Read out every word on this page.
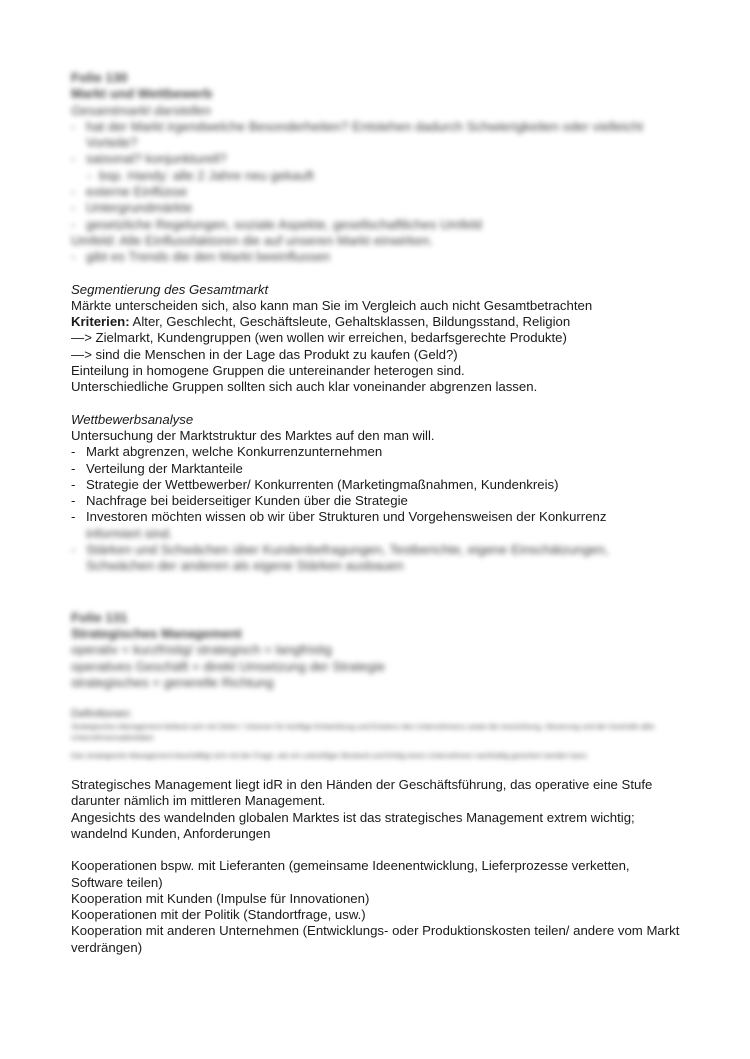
Folie 130
Markt und Wettbewerb
Gesamtmarkt darstellen
- hat der Markt irgendwelche Besonderheiten? Entstehen dadurch Schwierigkeiten oder vielleicht Vorteile?
- saisonal? konjunkturell?
- bsp. Handy: alle 2 Jahre neu gekauft
- externe Einflüsse
- Untergrundmärkte
- gesetzliche Regelungen, soziale Aspekte, gesellschaftliches Umfeld
Umfeld: Alle Einflussfaktoren die auf unseren Markt einwirken.
- gibt es Trends die den Markt beeinflussen
Segmentierung des Gesamtmarkt
Märkte unterscheiden sich, also kann man Sie im Vergleich auch nicht Gesamtbetrachten
Kriterien: Alter, Geschlecht, Geschäftsleute, Gehaltsklassen, Bildungsstand, Religion
—> Zielmarkt, Kundengruppen (wen wollen wir erreichen, bedarfsgerechte Produkte)
—> sind die Menschen in der Lage das Produkt zu kaufen (Geld?)
Einteilung in homogene Gruppen die untereinander heterogen sind.
Unterschiedliche Gruppen sollten sich auch klar voneinander abgrenzen lassen.
Wettbewerbsanalyse
Untersuchung der Marktstruktur des Marktes auf den man will.
- Markt abgrenzen, welche Konkurrenzunternehmen
- Verteilung der Marktanteile
- Strategie der Wettbewerber/ Konkurrenten (Marketingmaßnahmen, Kundenkreis)
- Nachfrage bei beiderseitiger Kunden über die Strategie
- Investoren möchten wissen ob wir über Strukturen und Vorgehensweisen der Konkurrenz
informiert sind.
- Stärken und Schwächen über Kundenbefragungen, Testberichte, eigene Einschätzungen,
Schwächen der anderen als eigene Stärken ausbauen
Folie 131
Strategisches Management
operativ = kurzfristig/ strategisch = langfristig
operatives Geschäft = direkt Umsetzung der Strategie
strategisches = generelle Richtung
Definitionen:
Strategisches Management befasst sich mit Zielen / Visionen für künftige Entwicklung und Existenz des Unternehmens sowie der Ausrichtung, Steuerung und der Kontrolle aller Unternehmensaktivitäten
Das strategische Management beschäftigt sich mit der Frage, wie ein zukünftiger Bestand und Erfolg eines Unternehmen nachhaltig gesichert werden kann.
Strategisches Management liegt idR in den Händen der Geschäftsführung, das operative eine Stufe darunter nämlich im mittleren Management.
Angesichts des wandelnden globalen Marktes ist das strategisches Management extrem wichtig; wandelnd Kunden, Anforderungen
Kooperationen bspw. mit Lieferanten (gemeinsame Ideenentwicklung, Lieferprozesse verketten, Software teilen)
Kooperation mit Kunden (Impulse für Innovationen)
Kooperationen mit der Politik (Standortfrage, usw.)
Kooperation mit anderen Unternehmen (Entwicklungs- oder Produktionskosten teilen/ andere vom Markt verdrängen)
